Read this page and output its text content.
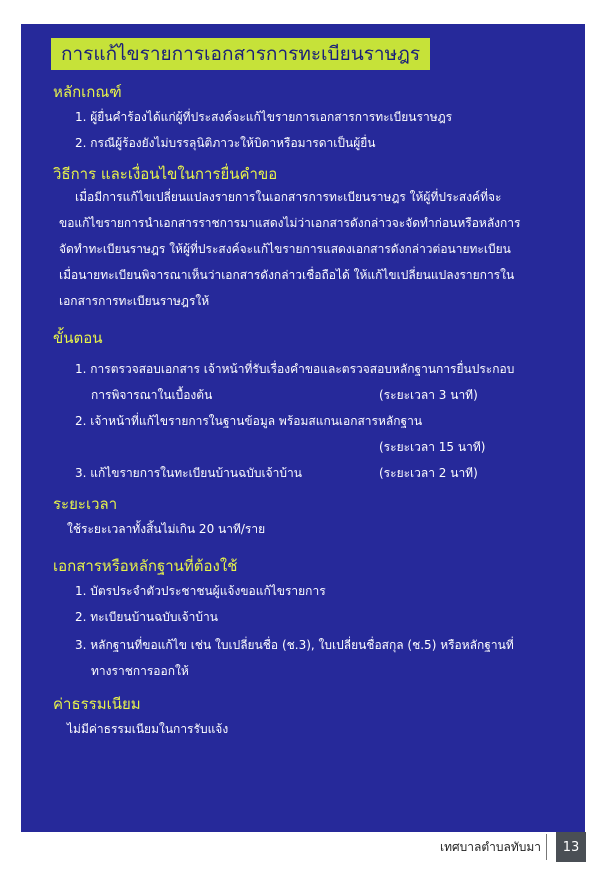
การแก้ไขรายการเอกสารการทะเบียนราษฎร
หลักเกณฑ์
1. ผู้ยื่นคำร้องได้แก่ผู้ที่ประสงค์จะแก้ไขรายการเอกสารการทะเบียนราษฎร
2. กรณีผู้ร้องยังไม่บรรลุนิติภาวะให้บิดาหรือมารดาเป็นผู้ยื่น
วิธีการ และเงื่อนไขในการยื่นคำขอ
เมื่อมีการแก้ไขเปลี่ยนแปลงรายการในเอกสารการทะเบียนราษฎร ให้ผู้ที่ประสงค์ที่จะ
ขอแก้ไขรายการนำเอกสารราชการมาแสดงไม่ว่าเอกสารดังกล่าวจะจัดทำก่อนหรือหลังการ
จัดทำทะเบียนราษฎร ให้ผู้ที่ประสงค์จะแก้ไขรายการแสดงเอกสารดังกล่าวต่อนายทะเบียน
เมื่อนายทะเบียนพิจารณาเห็นว่าเอกสารดังกล่าวเชื่อถือได้ ให้แก้ไขเปลี่ยนแปลงรายการใน
เอกสารการทะเบียนราษฎรให้
ขั้นตอน
1. การตรวจสอบเอกสาร เจ้าหน้าที่รับเรื่องคำขอและตรวจสอบหลักฐานการยื่นประกอบ
การพิจารณาในเบื้องต้น	(ระยะเวลา 3 นาที)
2. เจ้าหน้าที่แก้ไขรายการในฐานข้อมูล พร้อมสแกนเอกสารหลักฐาน
(ระยะเวลา 15 นาที)
3. แก้ไขรายการในทะเบียนบ้านฉบับเจ้าบ้าน	(ระยะเวลา 2 นาที)
ระยะเวลา
ใช้ระยะเวลาทั้งสิ้นไม่เกิน 20 นาที/ราย
เอกสารหรือหลักฐานที่ต้องใช้
1. บัตรประจำตัวประชาชนผู้แจ้งขอแก้ไขรายการ
2. ทะเบียนบ้านฉบับเจ้าบ้าน
3. หลักฐานที่ขอแก้ไข เช่น ใบเปลี่ยนชื่อ (ช.3), ใบเปลี่ยนชื่อสกุล (ช.5) หรือหลักฐานที่
ทางราชการออกให้
ค่าธรรมเนียม
ไม่มีค่าธรรมเนียมในการรับแจ้ง
เทศบาลตำบลทับมา	13
